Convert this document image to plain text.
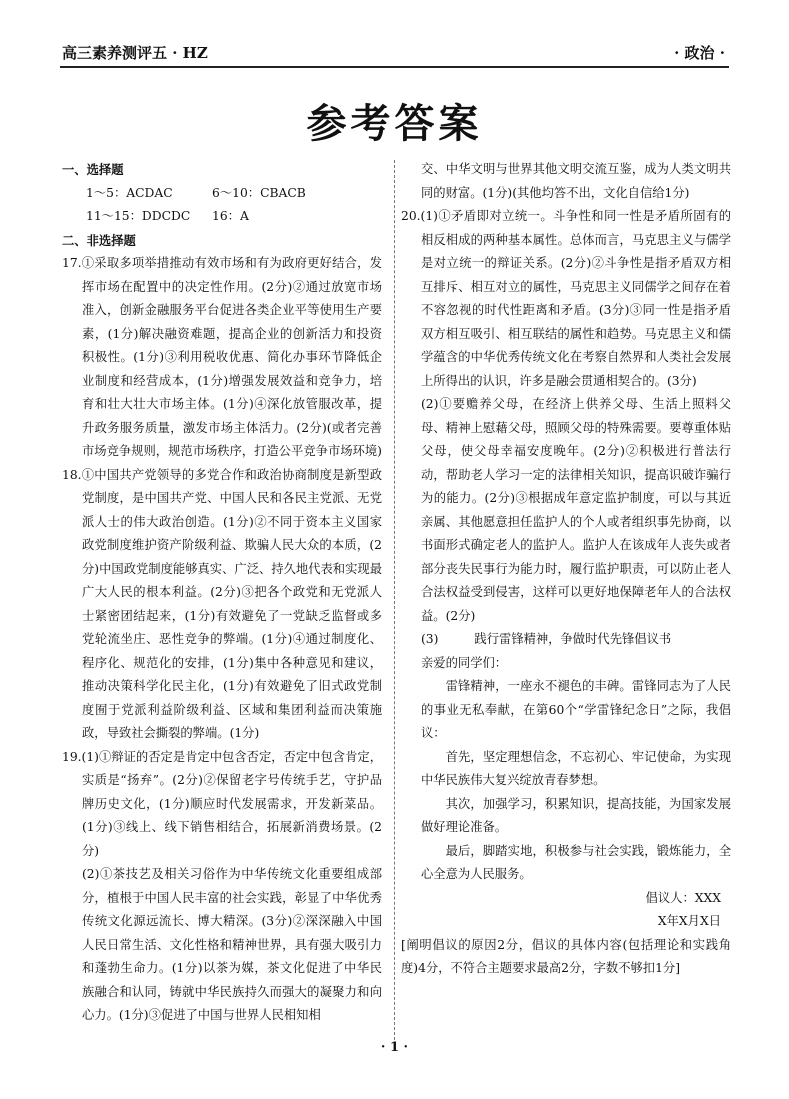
高三素养测评五 · HZ	· 政治 ·
参考答案

一、选择题

1～5：ACDAC	6～10：CBACB

11～15：DDCDC	16：A

二、非选择题

17.①采取多项举措推动有效市场和有为政府更好结合，发挥市场在配置中的决定性作用。(2分)②通过放宽市场准入，创新金融服务平台促进各类企业平等使用生产要素，(1分)解决融资难题，提高企业的创新活力和投资积极性。(1分)③利用税收优惠、简化办事环节降低企业制度和经营成本，(1分)增强发展效益和竞争力，培育和壮大壮大市场主体。(1分)④深化放管服改革，提升政务服务质量，激发市场主体活力。(2分)(或者完善市场竞争规则，规范市场秩序，打造公平竞争市场环境)

18.①中国共产党领导的多党合作和政治协商制度是新型政党制度，是中国共产党、中国人民和各民主党派、无党派人士的伟大政治创造。(1分)②不同于资本主义国家政党制度维护资产阶级利益、欺骗人民大众的本质，(2分)中国政党制度能够真实、广泛、持久地代表和实现最广大人民的根本利益。(2分)③把各个政党和无党派人士紧密团结起来，(1分)有效避免了一党缺乏监督或多党轮流坐庄、恶性竞争的弊端。(1分)④通过制度化、程序化、规范化的安排，(1分)集中各种意见和建议，推动决策科学化民主化，(1分)有效避免了旧式政党制度囿于党派利益阶级利益、区域和集团利益而决策施政，导致社会撕裂的弊端。(1分)

19.(1)①辩证的否定是肯定中包含否定，否定中包含肯定，实质是“扬弃”。(2分)②保留老字号传统手艺，守护品牌历史文化，(1分)顺应时代发展需求，开发新菜品。(1分)③线上、线下销售相结合，拓展新消费场景。(2分)

(2)①茶技艺及相关习俗作为中华传统文化重要组成部分，植根于中国人民丰富的社会实践，彰显了中华优秀传统文化源远流长、博大精深。(3分)②深深融入中国人民日常生活、文化性格和精神世界，具有强大吸引力和蓬勃生命力。(1分)以茶为媒，茶文化促进了中华民族融合和认同，铸就中华民族持久而强大的凝聚力和向心力。(1分)③促进了中国与世界人民相知相

交、中华文明与世界其他文明交流互鉴，成为人类文明共同的财富。(1分)(其他均答不出，文化自信给1分)

20.(1)①矛盾即对立统一。斗争性和同一性是矛盾所固有的相反相成的两种基本属性。总体而言，马克思主义与儒学是对立统一的辩证关系。(2分)②斗争性是指矛盾双方相互排斥、相互对立的属性，马克思主义同儒学之间存在着不容忽视的时代性距离和矛盾。(3分)③同一性是指矛盾双方相互吸引、相互联结的属性和趋势。马克思主义和儒学蕴含的中华优秀传统文化在考察自然界和人类社会发展上所得出的认识，许多是融会贯通相契合的。(3分)

(2)①要赡养父母，在经济上供养父母、生活上照料父母、精神上慰藉父母，照顾父母的特殊需要。要尊重体贴父母，使父母幸福安度晚年。(2分)②积极进行普法行动，帮助老人学习一定的法律相关知识，提高识破诈骗行为的能力。(2分)③根据成年意定监护制度，可以与其近亲属、其他愿意担任监护人的个人或者组织事先协商，以书面形式确定老人的监护人。监护人在该成年人丧失或者部分丧失民事行为能力时，履行监护职责，可以防止老人合法权益受到侵害，这样可以更好地保障老年人的合法权益。(2分)

(3)	践行雷锋精神，争做时代先锋倡议书

亲爱的同学们：

雷锋精神，一座永不褪色的丰碑。雷锋同志为了人民的事业无私奉献，在第60个“学雷锋纪念日”之际，我倡议：

首先，坚定理想信念，不忘初心、牢记使命，为实现中华民族伟大复兴绽放青春梦想。

其次，加强学习，积累知识，提高技能，为国家发展做好理论准备。

最后，脚踏实地，积极参与社会实践，锻炼能力，全心全意为人民服务。

倡议人：XXX

X年X月X日

[阐明倡议的原因2分，倡议的具体内容(包括理论和实践角度)4分，不符合主题要求最高2分，字数不够扣1分]

· 1 ·
